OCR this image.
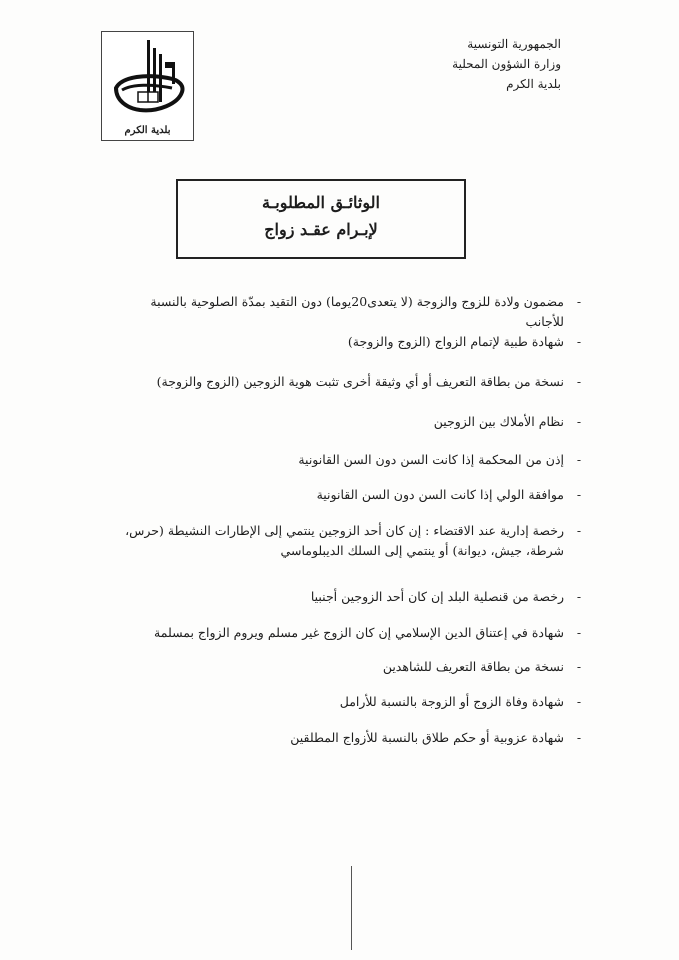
الجمهورية التونسية
وزارة الشؤون المحلية
بلدية الكرم
بلدية الكرم
الوثائـق المطلوبـة
لإبـرام عقـد زواج
-
مضمون ولادة للزوج والزوجة (لا يتعدى20يوما) دون التقيد بمدّة الصلوحية بالنسبة للأجانب
-
شهادة طبية لإتمام الزواج (الزوج والزوجة)
-
نسخة من بطاقة التعريف أو أي وثيقة أخرى تثبت هوية الزوجين (الزوج والزوجة)
-
نظام الأملاك بين الزوجين
-
إذن من المحكمة إذا كانت السن دون السن القانونية
-
موافقة الولي إذا كانت السن دون السن القانونية
-
رخصة إدارية عند الاقتضاء : إن كان أحد الزوجين ينتمي إلى الإطارات النشيطة (حرس، شرطة، جيش، ديوانة) أو ينتمي إلى السلك الديبلوماسي
-
رخصة من قنصلية البلد إن كان أحد الزوجين أجنبيا
-
شهادة في إعتناق الدين الإسلامي إن كان الزوج غير مسلم ويروم الزواج بمسلمة
-
نسخة من بطاقة التعريف للشاهدين
-
شهادة وفاة الزوج أو الزوجة بالنسبة للأرامل
-
شهادة عزوبية أو حكم طلاق بالنسبة للأزواج المطلقين
